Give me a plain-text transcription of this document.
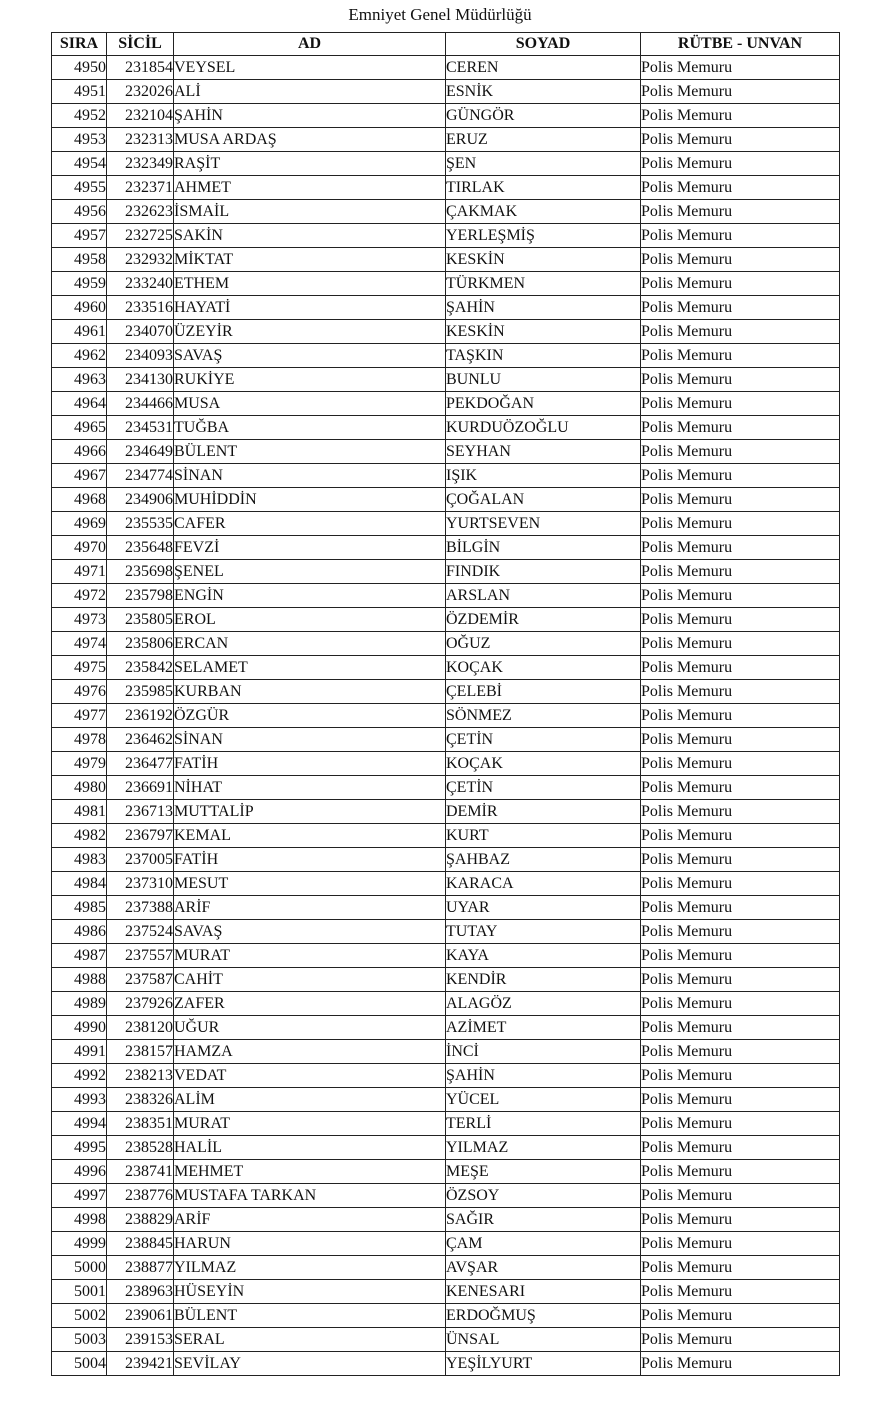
Emniyet Genel Müdürlüğü
SIRA	SİCİL	AD	SOYAD	RÜTBE - UNVAN
4950	231854	VEYSEL	CEREN	Polis Memuru
4951	232026	ALİ	ESNİK	Polis Memuru
4952	232104	ŞAHİN	GÜNGÖR	Polis Memuru
4953	232313	MUSA ARDAŞ	ERUZ	Polis Memuru
4954	232349	RAŞİT	ŞEN	Polis Memuru
4955	232371	AHMET	TIRLAK	Polis Memuru
4956	232623	İSMAİL	ÇAKMAK	Polis Memuru
4957	232725	SAKİN	YERLEŞMİŞ	Polis Memuru
4958	232932	MİKTAT	KESKİN	Polis Memuru
4959	233240	ETHEM	TÜRKMEN	Polis Memuru
4960	233516	HAYATİ	ŞAHİN	Polis Memuru
4961	234070	ÜZEYİR	KESKİN	Polis Memuru
4962	234093	SAVAŞ	TAŞKIN	Polis Memuru
4963	234130	RUKİYE	BUNLU	Polis Memuru
4964	234466	MUSA	PEKDOĞAN	Polis Memuru
4965	234531	TUĞBA	KURDUÖZOĞLU	Polis Memuru
4966	234649	BÜLENT	SEYHAN	Polis Memuru
4967	234774	SİNAN	IŞIK	Polis Memuru
4968	234906	MUHİDDİN	ÇOĞALAN	Polis Memuru
4969	235535	CAFER	YURTSEVEN	Polis Memuru
4970	235648	FEVZİ	BİLGİN	Polis Memuru
4971	235698	ŞENEL	FINDIK	Polis Memuru
4972	235798	ENGİN	ARSLAN	Polis Memuru
4973	235805	EROL	ÖZDEMİR	Polis Memuru
4974	235806	ERCAN	OĞUZ	Polis Memuru
4975	235842	SELAMET	KOÇAK	Polis Memuru
4976	235985	KURBAN	ÇELEBİ	Polis Memuru
4977	236192	ÖZGÜR	SÖNMEZ	Polis Memuru
4978	236462	SİNAN	ÇETİN	Polis Memuru
4979	236477	FATİH	KOÇAK	Polis Memuru
4980	236691	NİHAT	ÇETİN	Polis Memuru
4981	236713	MUTTALİP	DEMİR	Polis Memuru
4982	236797	KEMAL	KURT	Polis Memuru
4983	237005	FATİH	ŞAHBAZ	Polis Memuru
4984	237310	MESUT	KARACA	Polis Memuru
4985	237388	ARİF	UYAR	Polis Memuru
4986	237524	SAVAŞ	TUTAY	Polis Memuru
4987	237557	MURAT	KAYA	Polis Memuru
4988	237587	CAHİT	KENDİR	Polis Memuru
4989	237926	ZAFER	ALAGÖZ	Polis Memuru
4990	238120	UĞUR	AZİMET	Polis Memuru
4991	238157	HAMZA	İNCİ	Polis Memuru
4992	238213	VEDAT	ŞAHİN	Polis Memuru
4993	238326	ALİM	YÜCEL	Polis Memuru
4994	238351	MURAT	TERLİ	Polis Memuru
4995	238528	HALİL	YILMAZ	Polis Memuru
4996	238741	MEHMET	MEŞE	Polis Memuru
4997	238776	MUSTAFA TARKAN	ÖZSOY	Polis Memuru
4998	238829	ARİF	SAĞIR	Polis Memuru
4999	238845	HARUN	ÇAM	Polis Memuru
5000	238877	YILMAZ	AVŞAR	Polis Memuru
5001	238963	HÜSEYİN	KENESARI	Polis Memuru
5002	239061	BÜLENT	ERDOĞMUŞ	Polis Memuru
5003	239153	SERAL	ÜNSAL	Polis Memuru
5004	239421	SEVİLAY	YEŞİLYURT	Polis Memuru
